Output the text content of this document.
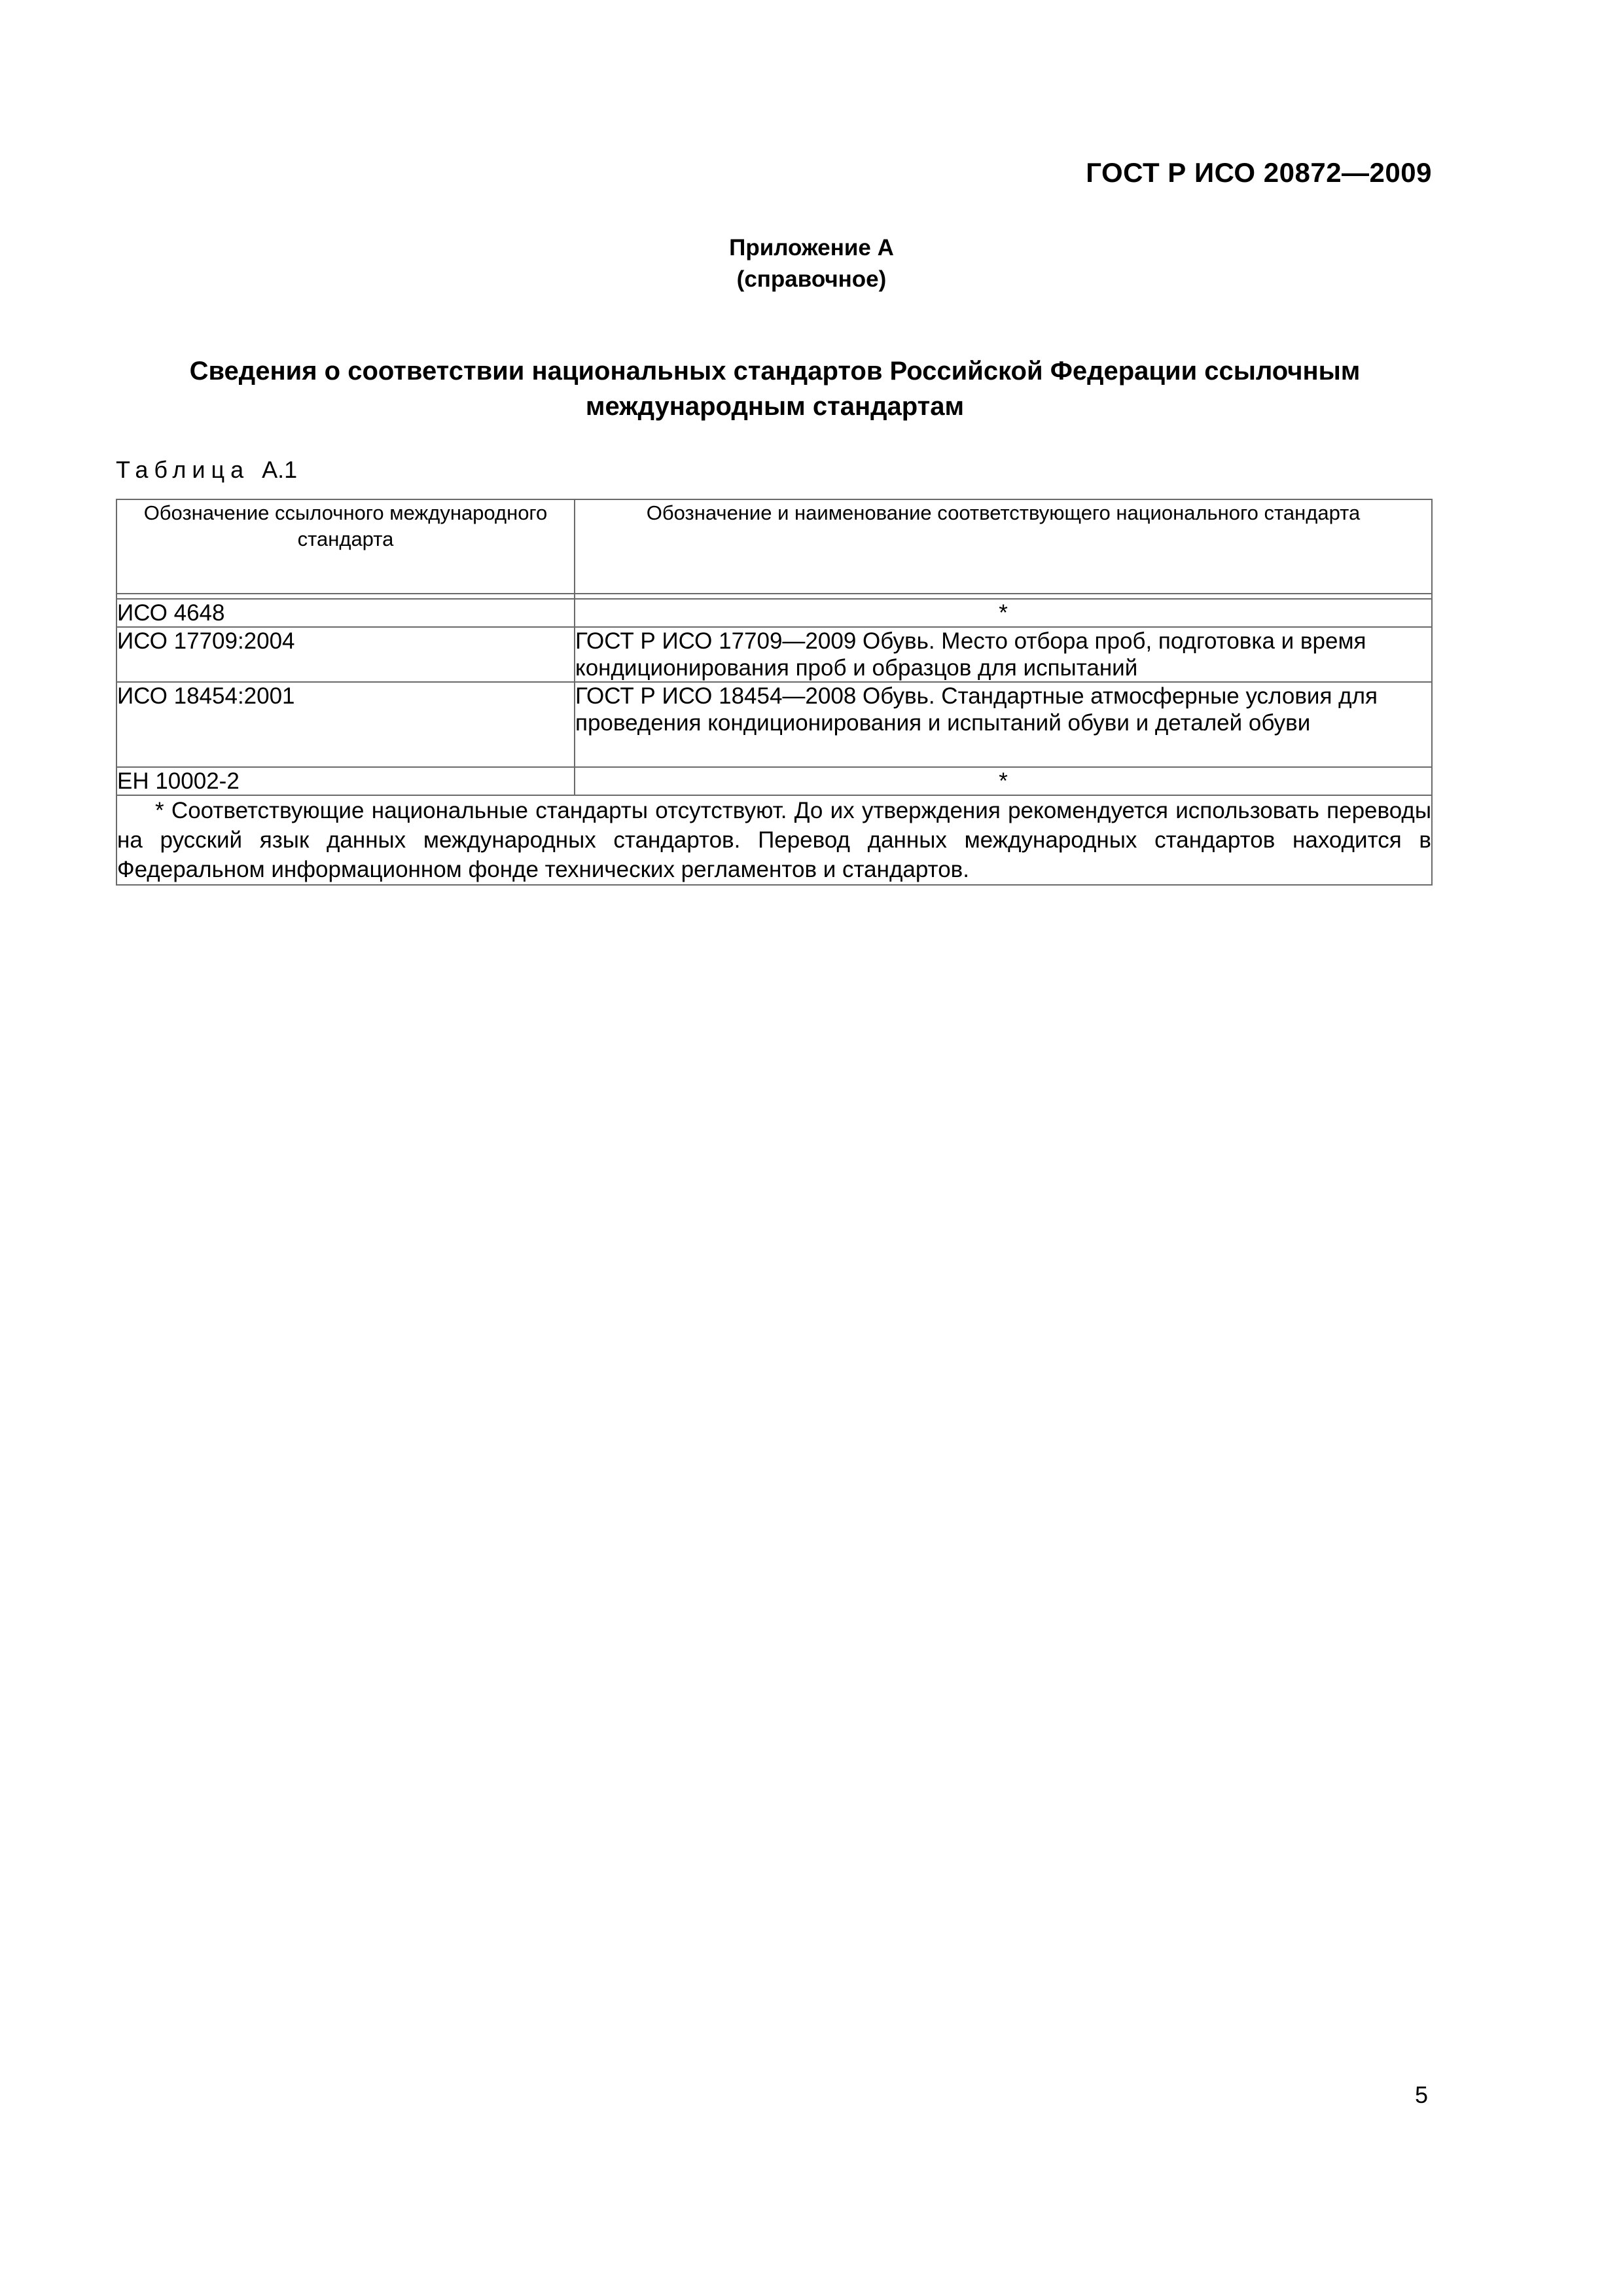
ГОСТ Р ИСО 20872—2009
Приложение А
(справочное)
Сведения о соответствии национальных стандартов Российской Федерации ссылочным
международным стандартам
Таблица А.1
Обозначение ссылочного международного стандарта	Обозначение и наименование соответствующего национального стандарта

ИСО 4648	*
ИСО 17709:2004	ГОСТ Р ИСО 17709—2009 Обувь. Место отбора проб, подготовка и время кондиционирования проб и образцов для испытаний
ИСО 18454:2001	ГОСТ Р ИСО 18454—2008 Обувь. Стандартные атмосферные условия для проведения кондиционирования и испытаний обуви и деталей обуви
ЕН 10002-2	*
* Соответствующие национальные стандарты отсутствуют. До их утверждения рекомендуется использовать переводы на русский язык данных международных стандартов. Перевод данных международных стандартов находится в Федеральном информационном фонде технических регламентов и стандартов.	
5
